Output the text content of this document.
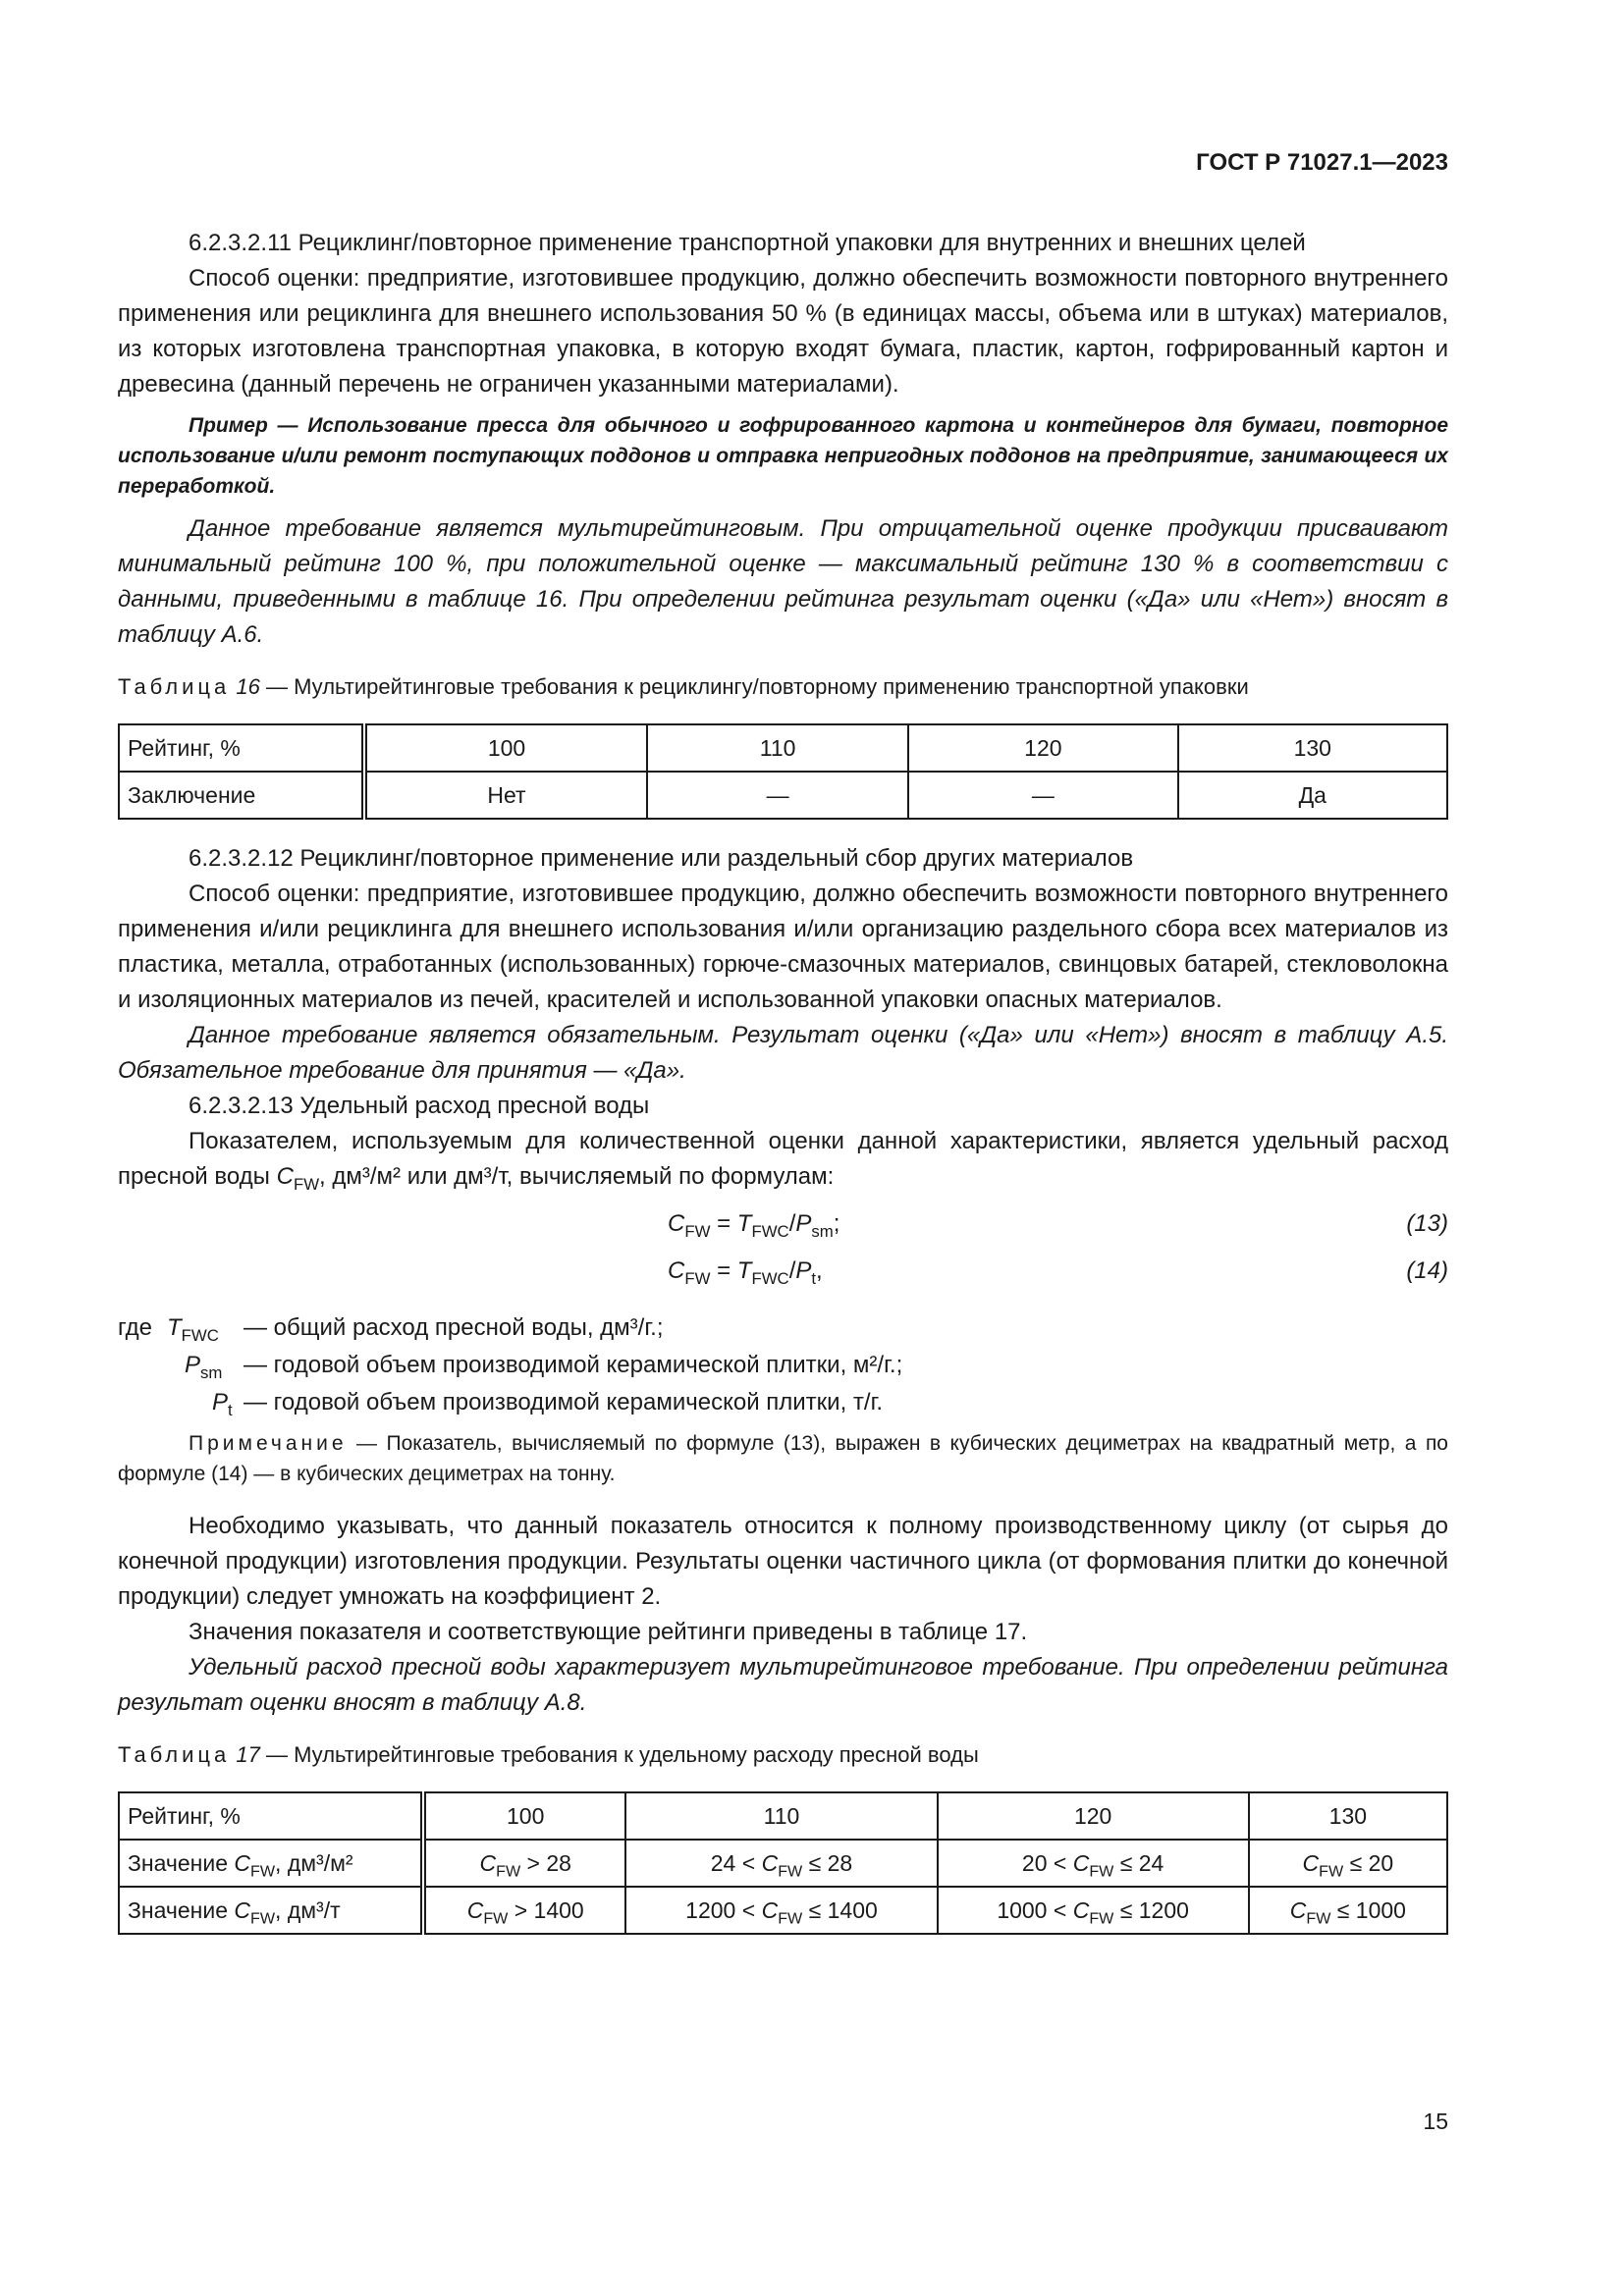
ГОСТ Р 71027.1—2023

6.2.3.2.11 Рециклинг/повторное применение транспортной упаковки для внутренних и внешних целей

Способ оценки: предприятие, изготовившее продукцию, должно обеспечить возможности повторного внутреннего применения или рециклинга для внешнего использования 50 % (в единицах массы, объема или в штуках) материалов, из которых изготовлена транспортная упаковка, в которую входят бумага, пластик, картон, гофрированный картон и древесина (данный перечень не ограничен указанными материалами).

Пример — Использование пресса для обычного и гофрированного картона и контейнеров для бумаги, повторное использование и/или ремонт поступающих поддонов и отправка непригодных поддонов на предприятие, занимающееся их переработкой.

Данное требование является мультирейтинговым. При отрицательной оценке продукции присваивают минимальный рейтинг 100 %, при положительной оценке — максимальный рейтинг 130 % в соответствии с данными, приведенными в таблице 16. При определении рейтинга результат оценки («Да» или «Нет») вносят в таблицу А.6.

Таблица 16 — Мультирейтинговые требования к рециклингу/повторному применению транспортной упаковки
Рейтинг, %	100	110	120	130
Заключение	Нет	—	—	Да

6.2.3.2.12 Рециклинг/повторное применение или раздельный сбор других материалов

Способ оценки: предприятие, изготовившее продукцию, должно обеспечить возможности повторного внутреннего применения и/или рециклинга для внешнего использования и/или организацию раздельного сбора всех материалов из пластика, металла, отработанных (использованных) горюче-смазочных материалов, свинцовых батарей, стекловолокна и изоляционных материалов из печей, красителей и использованной упаковки опасных материалов.

Данное требование является обязательным. Результат оценки («Да» или «Нет») вносят в таблицу А.5. Обязательное требование для принятия — «Да».

6.2.3.2.13 Удельный расход пресной воды

Показателем, используемым для количественной оценки данной характеристики, является удельный расход пресной воды $C_{FW}$, дм³/м² или дм³/т, вычисляемый по формулам:

$C_{FW} = T_{FWC}/P_{sm}$;	(13)
$C_{FW} = T_{FWC}/P_t$,	(14)
где $T_{FWC}$ — общий расход пресной воды, дм³/г.;
$P_{sm}$ — годовой объем производимой керамической плитки, м²/г.;
$P_t$ — годовой объем производимой керамической плитки, т/г.

Примечание — Показатель, вычисляемый по формуле (13), выражен в кубических дециметрах на квадратный метр, а по формуле (14) — в кубических дециметрах на тонну.

Необходимо указывать, что данный показатель относится к полному производственному циклу (от сырья до конечной продукции) изготовления продукции. Результаты оценки частичного цикла (от формования плитки до конечной продукции) следует умножать на коэффициент 2.

Значения показателя и соответствующие рейтинги приведены в таблице 17.

Удельный расход пресной воды характеризует мультирейтинговое требование. При определении рейтинга результат оценки вносят в таблицу А.8.

Таблица 17 — Мультирейтинговые требования к удельному расходу пресной воды
Рейтинг, %	100	110	120	130
Значение $C_{FW}$, дм³/м²	$C_{FW} > 28$	$24 < C_{FW} \le 28$	$20 < C_{FW} \le 24$	$C_{FW} \le 20$
Значение $C_{FW}$, дм³/т	$C_{FW} > 1400$	$1200 < C_{FW} \le 1400$	$1000 < C_{FW} \le 1200$	$C_{FW} \le 1000$
15
